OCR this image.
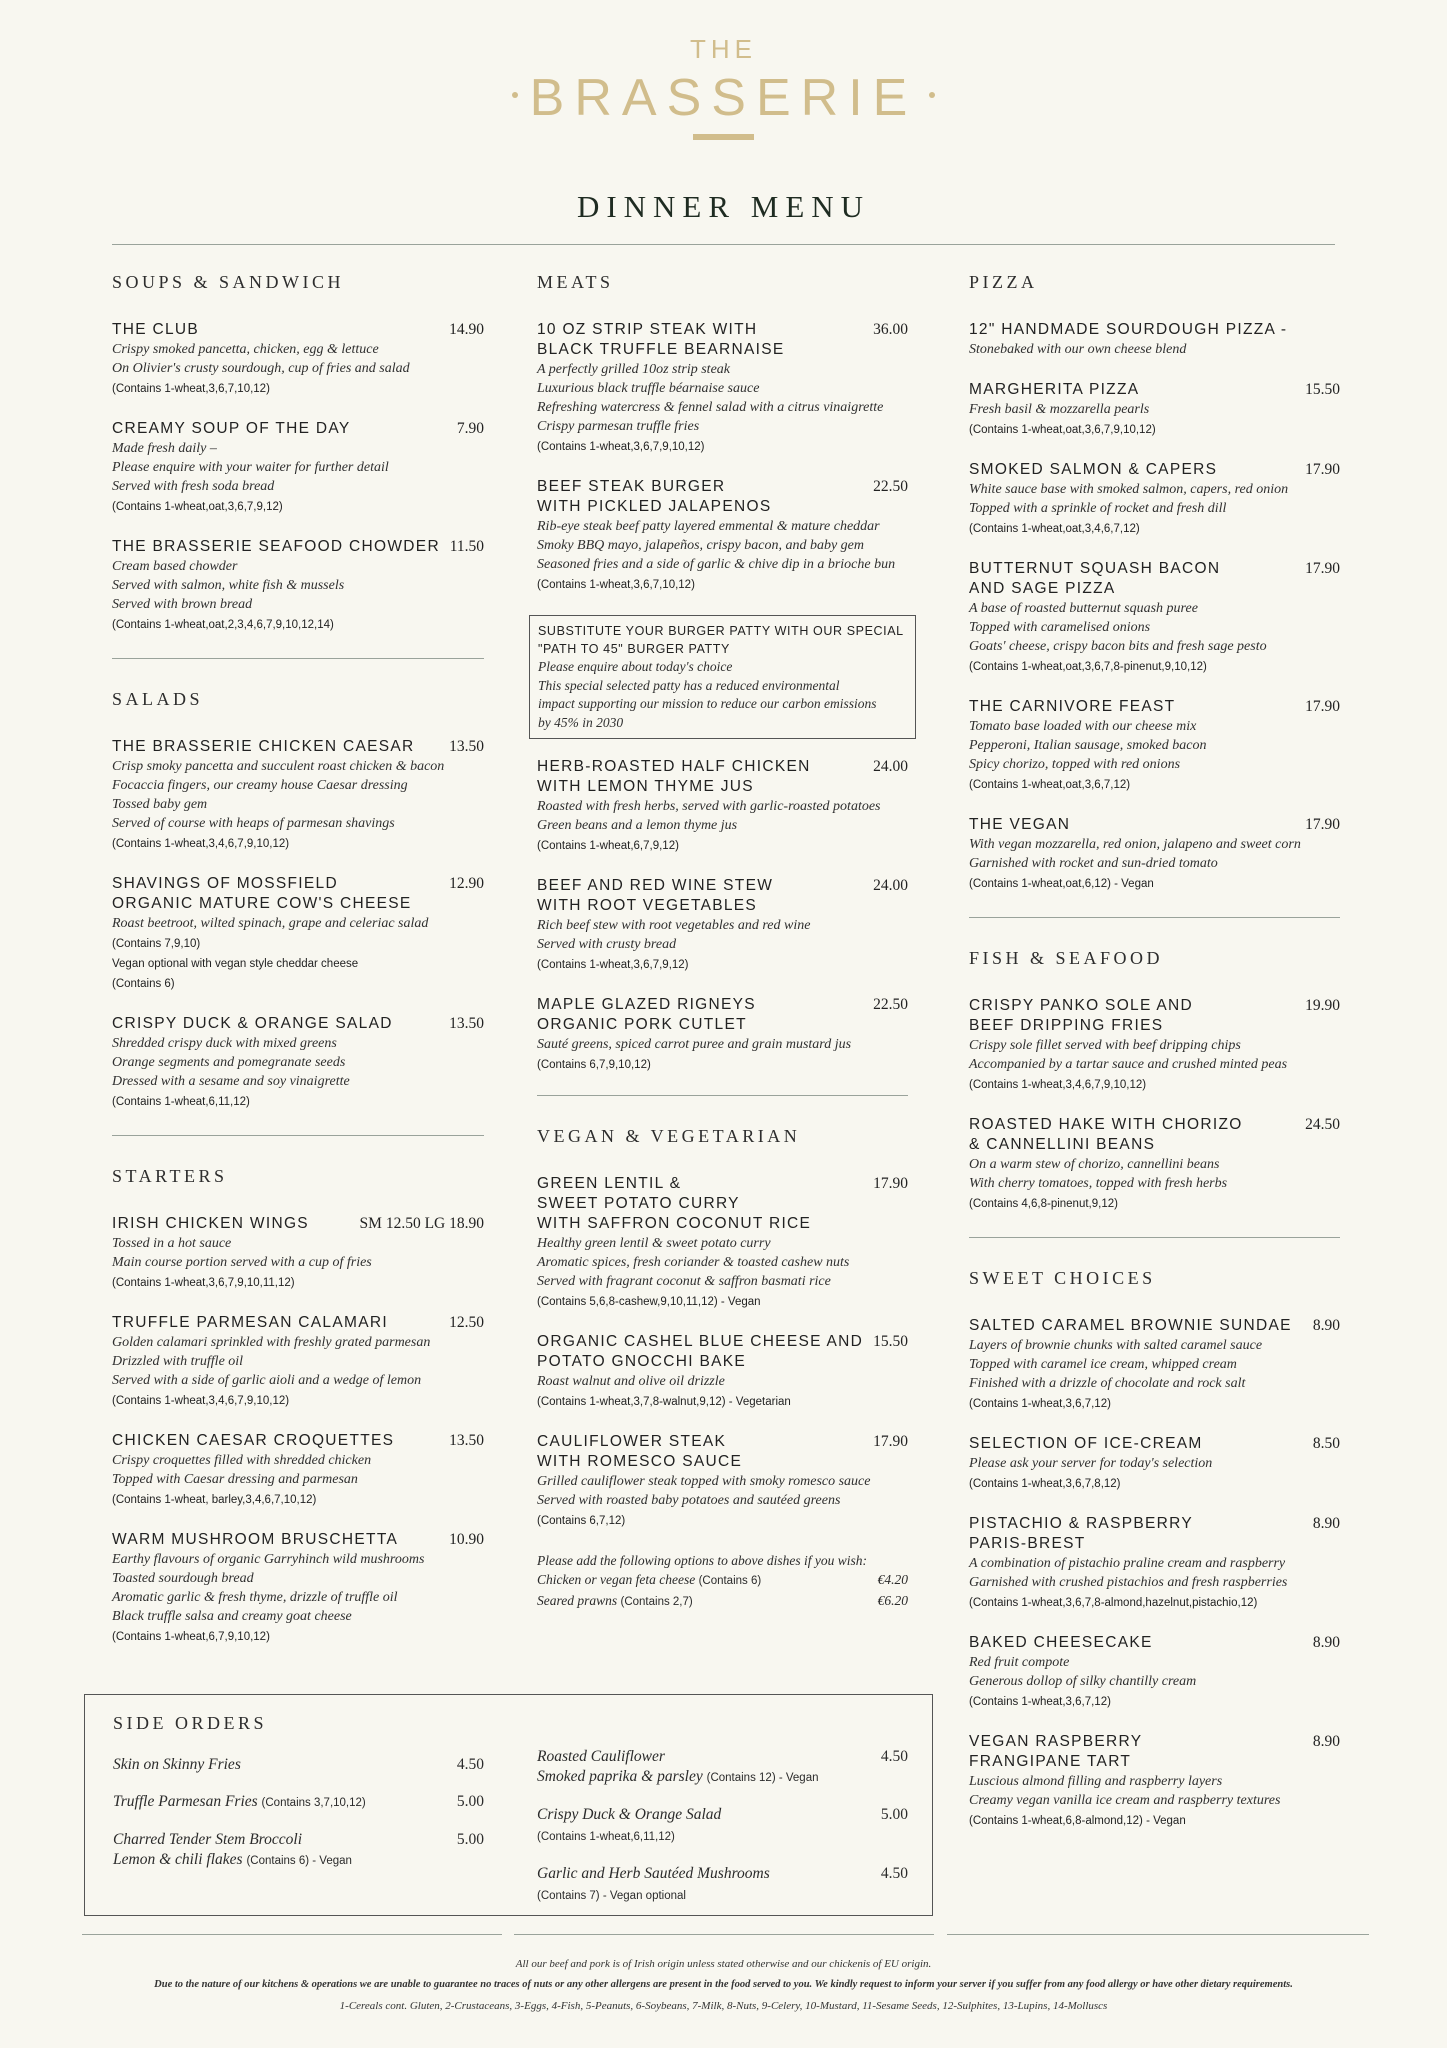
THE
BRASSERIE
DINNER MENU
SOUPS & SANDWICH
THE CLUB	14.90
Crispy smoked pancetta, chicken, egg & lettuce
On Olivier's crusty sourdough, cup of fries and salad
(Contains 1-wheat,3,6,7,10,12)
CREAMY SOUP OF THE DAY	7.90
Made fresh daily –
Please enquire with your waiter for further detail
Served with fresh soda bread
(Contains 1-wheat,oat,3,6,7,9,12)
THE BRASSERIE SEAFOOD CHOWDER 11.50
Cream based chowder
Served with salmon, white fish & mussels
Served with brown bread
(Contains 1-wheat,oat,2,3,4,6,7,9,10,12,14)
SALADS
THE BRASSERIE CHICKEN CAESAR 13.50
Crisp smoky pancetta and succulent roast chicken & bacon
Focaccia fingers, our creamy house Caesar dressing
Tossed baby gem
Served of course with heaps of parmesan shavings
(Contains 1-wheat,3,4,6,7,9,10,12)
SHAVINGS OF MOSSFIELD
ORGANIC MATURE COW'S CHEESE
12.90
Roast beetroot, wilted spinach, grape and celeriac salad
(Contains 7,9,10)
Vegan optional with vegan style cheddar cheese
(Contains 6)
CRISPY DUCK & ORANGE SALAD	13.50
Shredded crispy duck with mixed greens
Orange segments and pomegranate seeds
Dressed with a sesame and soy vinaigrette
(Contains 1-wheat,6,11,12)
STARTERS
IRISH CHICKEN WINGS	SM 12.50 LG 18.90
Tossed in a hot sauce
Main course portion served with a cup of fries
(Contains 1-wheat,3,6,7,9,10,11,12)
TRUFFLE PARMESAN CALAMARI	12.50
Golden calamari sprinkled with freshly grated parmesan
Drizzled with truffle oil
Served with a side of garlic aioli and a wedge of lemon
(Contains 1-wheat,3,4,6,7,9,10,12)
CHICKEN CAESAR CROQUETTES	13.50
Crispy croquettes filled with shredded chicken
Topped with Caesar dressing and parmesan
(Contains 1-wheat, barley,3,4,6,7,10,12)
WARM MUSHROOM BRUSCHETTA	10.90
Earthy flavours of organic Garryhinch wild mushrooms
Toasted sourdough bread
Aromatic garlic & fresh thyme, drizzle of truffle oil
Black truffle salsa and creamy goat cheese
(Contains 1-wheat,6,7,9,10,12)
MEATS
10 OZ STRIP STEAK WITH
BLACK TRUFFLE BEARNAISE
36.00
A perfectly grilled 10oz strip steak
Luxurious black truffle béarnaise sauce
Refreshing watercress & fennel salad with a citrus vinaigrette
Crispy parmesan truffle fries
(Contains 1-wheat,3,6,7,9,10,12)
BEEF STEAK BURGER
WITH PICKLED JALAPENOS
22.50
Rib-eye steak beef patty layered emmental & mature cheddar
Smoky BBQ mayo, jalapeños, crispy bacon, and baby gem
Seasoned fries and a side of garlic & chive dip in a brioche bun
(Contains 1-wheat,3,6,7,10,12)
SUBSTITUTE YOUR BURGER PATTY WITH OUR SPECIAL
"PATH TO 45" BURGER PATTY
Please enquire about today's choice
This special selected patty has a reduced environmental
impact supporting our mission to reduce our carbon emissions
by 45% in 2030
HERB-ROASTED HALF CHICKEN
WITH LEMON THYME JUS
24.00
Roasted with fresh herbs, served with garlic-roasted potatoes
Green beans and a lemon thyme jus
(Contains 1-wheat,6,7,9,12)
BEEF AND RED WINE STEW
WITH ROOT VEGETABLES
24.00
Rich beef stew with root vegetables and red wine
Served with crusty bread
(Contains 1-wheat,3,6,7,9,12)
MAPLE GLAZED RIGNEYS
ORGANIC PORK CUTLET
22.50
Sauté greens, spiced carrot puree and grain mustard jus
(Contains 6,7,9,10,12)
VEGAN & VEGETARIAN
GREEN LENTIL &
SWEET POTATO CURRY
WITH SAFFRON COCONUT RICE
17.90
Healthy green lentil & sweet potato curry
Aromatic spices, fresh coriander & toasted cashew nuts
Served with fragrant coconut & saffron basmati rice
(Contains 5,6,8-cashew,9,10,11,12) - Vegan
ORGANIC CASHEL BLUE CHEESE AND
POTATO GNOCCHI BAKE
15.50
Roast walnut and olive oil drizzle
(Contains 1-wheat,3,7,8-walnut,9,12) - Vegetarian
CAULIFLOWER STEAK
WITH ROMESCO SAUCE
17.90
Grilled cauliflower steak topped with smoky romesco sauce
Served with roasted baby potatoes and sautéed greens
(Contains 6,7,12)
Please add the following options to above dishes if you wish:
Chicken or vegan feta cheese (Contains 6)	€4.20
Seared prawns (Contains 2,7)	€6.20
PIZZA
12" HANDMADE SOURDOUGH PIZZA -
Stonebaked with our own cheese blend
MARGHERITA PIZZA	15.50
Fresh basil & mozzarella pearls
(Contains 1-wheat,oat,3,6,7,9,10,12)
SMOKED SALMON & CAPERS	17.90
White sauce base with smoked salmon, capers, red onion
Topped with a sprinkle of rocket and fresh dill
(Contains 1-wheat,oat,3,4,6,7,12)
BUTTERNUT SQUASH BACON
AND SAGE PIZZA
17.90
A base of roasted butternut squash puree
Topped with caramelised onions
Goats' cheese, crispy bacon bits and fresh sage pesto
(Contains 1-wheat,oat,3,6,7,8-pinenut,9,10,12)
THE CARNIVORE FEAST	17.90
Tomato base loaded with our cheese mix
Pepperoni, Italian sausage, smoked bacon
Spicy chorizo, topped with red onions
(Contains 1-wheat,oat,3,6,7,12)
THE VEGAN	17.90
With vegan mozzarella, red onion, jalapeno and sweet corn
Garnished with rocket and sun-dried tomato
(Contains 1-wheat,oat,6,12) - Vegan
FISH & SEAFOOD
CRISPY PANKO SOLE AND
BEEF DRIPPING FRIES
19.90
Crispy sole fillet served with beef dripping chips
Accompanied by a tartar sauce and crushed minted peas
(Contains 1-wheat,3,4,6,7,9,10,12)
ROASTED HAKE WITH CHORIZO
& CANNELLINI BEANS
24.50
On a warm stew of chorizo, cannellini beans
With cherry tomatoes, topped with fresh herbs
(Contains 4,6,8-pinenut,9,12)
SWEET CHOICES
SALTED CARAMEL BROWNIE SUNDAE 8.90
Layers of brownie chunks with salted caramel sauce
Topped with caramel ice cream, whipped cream
Finished with a drizzle of chocolate and rock salt
(Contains 1-wheat,3,6,7,12)
SELECTION OF ICE-CREAM	8.50
Please ask your server for today's selection
(Contains 1-wheat,3,6,7,8,12)
PISTACHIO & RASPBERRY
PARIS-BREST
8.90
A combination of pistachio praline cream and raspberry
Garnished with crushed pistachios and fresh raspberries
(Contains 1-wheat,3,6,7,8-almond,hazelnut,pistachio,12)
BAKED CHEESECAKE	8.90
Red fruit compote
Generous dollop of silky chantilly cream
(Contains 1-wheat,3,6,7,12)
VEGAN RASPBERRY
FRANGIPANE TART
8.90
Luscious almond filling and raspberry layers
Creamy vegan vanilla ice cream and raspberry textures
(Contains 1-wheat,6,8-almond,12) - Vegan
SIDE ORDERS
Skin on Skinny Fries	4.50
Truffle Parmesan Fries (Contains 3,7,10,12)	5.00
Charred Tender Stem Broccoli
Lemon & chili flakes (Contains 6) - Vegan
5.00
Roasted Cauliflower
Smoked paprika & parsley (Contains 12) - Vegan
4.50
Crispy Duck & Orange Salad
(Contains 1-wheat,6,11,12)
5.00
Garlic and Herb Sautéed Mushrooms
(Contains 7) - Vegan optional
4.50
All our beef and pork is of Irish origin unless stated otherwise and our chickenis of EU origin.
Due to the nature of our kitchens & operations we are unable to guarantee no traces of nuts or any other allergens are present in the food served to you. We kindly request to inform your server if you suffer from any food allergy or have other dietary requirements.
1-Cereals cont. Gluten, 2-Crustaceans, 3-Eggs, 4-Fish, 5-Peanuts, 6-Soybeans, 7-Milk, 8-Nuts, 9-Celery, 10-Mustard, 11-Sesame Seeds, 12-Sulphites, 13-Lupins, 14-Molluscs
